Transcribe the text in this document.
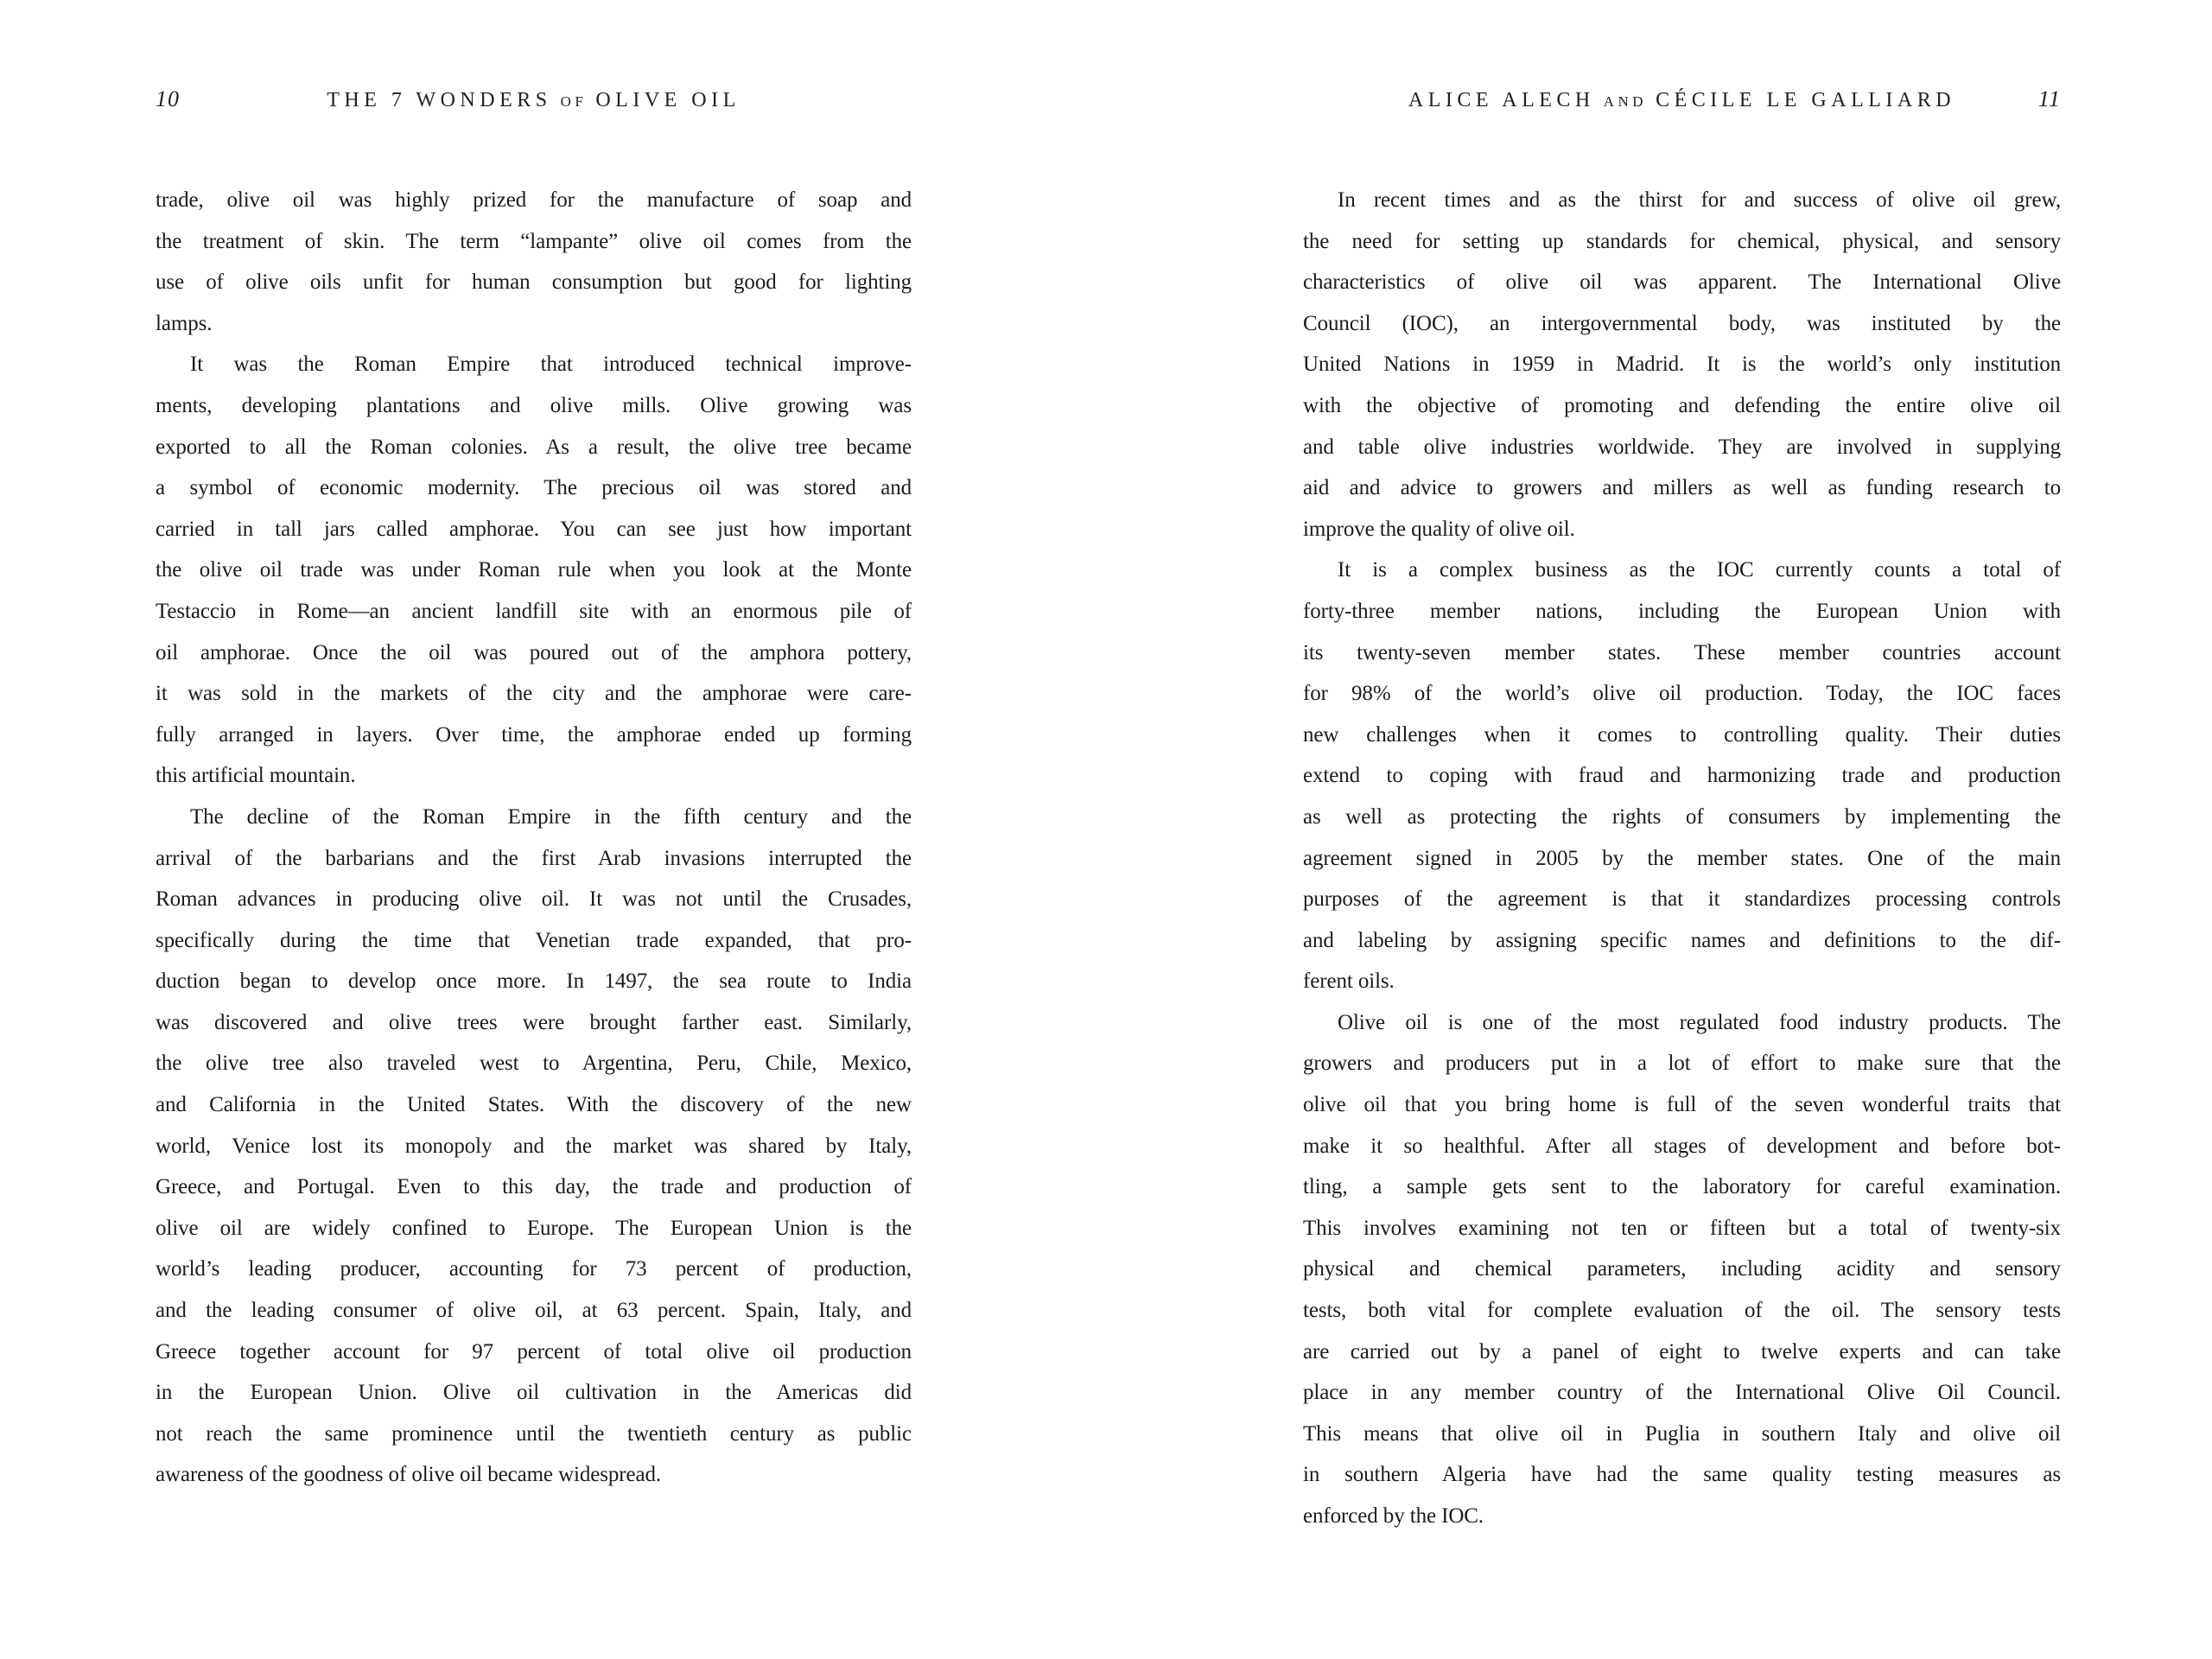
10	THE 7 WONDERS OF OLIVE OIL
trade, olive oil was highly prized for the manufacture of soap and
the treatment of skin. The term “lampante” olive oil comes from the
use of olive oils unfit for human consumption but good for lighting
lamps.
It was the Roman Empire that introduced technical improve-
ments, developing plantations and olive mills. Olive growing was
exported to all the Roman colonies. As a result, the olive tree became
a symbol of economic modernity. The precious oil was stored and
carried in tall jars called amphorae. You can see just how important
the olive oil trade was under Roman rule when you look at the Monte
Testaccio in Rome—an ancient landfill site with an enormous pile of
oil amphorae. Once the oil was poured out of the amphora pottery,
it was sold in the markets of the city and the amphorae were care-
fully arranged in layers. Over time, the amphorae ended up forming
this artificial mountain.
The decline of the Roman Empire in the fifth century and the
arrival of the barbarians and the first Arab invasions interrupted the
Roman advances in producing olive oil. It was not until the Crusades,
specifically during the time that Venetian trade expanded, that pro-
duction began to develop once more. In 1497, the sea route to India
was discovered and olive trees were brought farther east. Similarly,
the olive tree also traveled west to Argentina, Peru, Chile, Mexico,
and California in the United States. With the discovery of the new
world, Venice lost its monopoly and the market was shared by Italy,
Greece, and Portugal. Even to this day, the trade and production of
olive oil are widely confined to Europe. The European Union is the
world’s leading producer, accounting for 73 percent of production,
and the leading consumer of olive oil, at 63 percent. Spain, Italy, and
Greece together account for 97 percent of total olive oil production
in the European Union. Olive oil cultivation in the Americas did
not reach the same prominence until the twentieth century as public
awareness of the goodness of olive oil became widespread.
11
ALICE ALECH AND CÉCILE LE GALLIARD
In recent times and as the thirst for and success of olive oil grew,
the need for setting up standards for chemical, physical, and sensory
characteristics of olive oil was apparent. The International Olive
Council (IOC), an intergovernmental body, was instituted by the
United Nations in 1959 in Madrid. It is the world’s only institution
with the objective of promoting and defending the entire olive oil
and table olive industries worldwide. They are involved in supplying
aid and advice to growers and millers as well as funding research to
improve the quality of olive oil.
It is a complex business as the IOC currently counts a total of
forty-three member nations, including the European Union with
its twenty-seven member states. These member countries account
for 98% of the world’s olive oil production. Today, the IOC faces
new challenges when it comes to controlling quality. Their duties
extend to coping with fraud and harmonizing trade and production
as well as protecting the rights of consumers by implementing the
agreement signed in 2005 by the member states. One of the main
purposes of the agreement is that it standardizes processing controls
and labeling by assigning specific names and definitions to the dif-
ferent oils.
Olive oil is one of the most regulated food industry products. The
growers and producers put in a lot of effort to make sure that the
olive oil that you bring home is full of the seven wonderful traits that
make it so healthful. After all stages of development and before bot-
tling, a sample gets sent to the laboratory for careful examination.
This involves examining not ten or fifteen but a total of twenty-six
physical and chemical parameters, including acidity and sensory
tests, both vital for complete evaluation of the oil. The sensory tests
are carried out by a panel of eight to twelve experts and can take
place in any member country of the International Olive Oil Council.
This means that olive oil in Puglia in southern Italy and olive oil
in southern Algeria have had the same quality testing measures as
enforced by the IOC.
